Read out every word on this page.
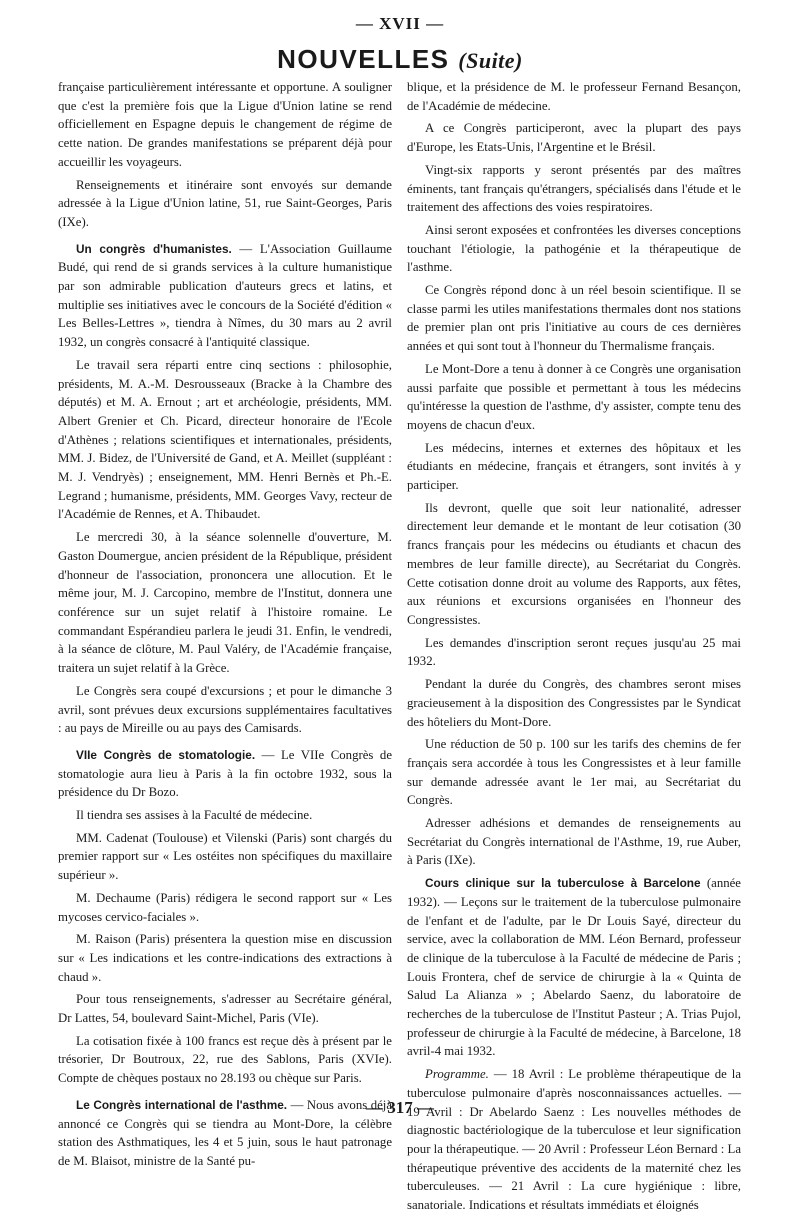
— XVII —
NOUVELLES (Suite)

française particulièrement intéressante et opportune. A souligner que c'est la première fois que la Ligue d'Union latine se rend officiellement en Espagne depuis le changement de régime de cette nation. De grandes manifestations se préparent déjà pour accueillir les voyageurs.

Renseignements et itinéraire sont envoyés sur demande adressée à la Ligue d'Union latine, 51, rue Saint-Georges, Paris (IXe).

Un congrès d'humanistes. — L'Association Guillaume Budé, qui rend de si grands services à la culture humanistique par son admirable publication d'auteurs grecs et latins, et multiplie ses initiatives avec le concours de la Société d'édition « Les Belles-Lettres », tiendra à Nîmes, du 30 mars au 2 avril 1932, un congrès consacré à l'antiquité classique.

Le travail sera réparti entre cinq sections : philosophie, présidents, M. A.-M. Desrousseaux (Bracke à la Chambre des députés) et M. A. Ernout ; art et archéologie, présidents, MM. Albert Grenier et Ch. Picard, directeur honoraire de l'Ecole d'Athènes ; relations scientifiques et internationales, présidents, MM. J. Bidez, de l'Université de Gand, et A. Meillet (suppléant : M. J. Vendryès) ; enseignement, MM. Henri Bernès et Ph.-E. Legrand ; humanisme, présidents, MM. Georges Vavy, recteur de l'Académie de Rennes, et A. Thibaudet.

Le mercredi 30, à la séance solennelle d'ouverture, M. Gaston Doumergue, ancien président de la République, président d'honneur de l'association, prononcera une allocution. Et le même jour, M. J. Carcopino, membre de l'Institut, donnera une conférence sur un sujet relatif à l'histoire romaine. Le commandant Espérandieu parlera le jeudi 31. Enfin, le vendredi, à la séance de clôture, M. Paul Valéry, de l'Académie française, traitera un sujet relatif à la Grèce.

Le Congrès sera coupé d'excursions ; et pour le dimanche 3 avril, sont prévues deux excursions supplémentaires facultatives : au pays de Mireille ou au pays des Camisards.

VIIe Congrès de stomatologie. — Le VIIe Congrès de stomatologie aura lieu à Paris à la fin octobre 1932, sous la présidence du Dr Bozo.

Il tiendra ses assises à la Faculté de médecine.

MM. Cadenat (Toulouse) et Vilenski (Paris) sont chargés du premier rapport sur « Les ostéites non spécifiques du maxillaire supérieur ».

M. Dechaume (Paris) rédigera le second rapport sur « Les mycoses cervico-faciales ».

M. Raison (Paris) présentera la question mise en discussion sur « Les indications et les contre-indications des extractions à chaud ».

Pour tous renseignements, s'adresser au Secrétaire général, Dr Lattes, 54, boulevard Saint-Michel, Paris (VIe).

La cotisation fixée à 100 francs est reçue dès à présent par le trésorier, Dr Boutroux, 22, rue des Sablons, Paris (XVIe). Compte de chèques postaux no 28.193 ou chèque sur Paris.

Le Congrès international de l'asthme. — Nous avons déjà annoncé ce Congrès qui se tiendra au Mont-Dore, la célèbre station des Asthmatiques, les 4 et 5 juin, sous le haut patronage de M. Blaisot, ministre de la Santé pu-

blique, et la présidence de M. le professeur Fernand Besançon, de l'Académie de médecine.

A ce Congrès participeront, avec la plupart des pays d'Europe, les Etats-Unis, l'Argentine et le Brésil.

Vingt-six rapports y seront présentés par des maîtres éminents, tant français qu'étrangers, spécialisés dans l'étude et le traitement des affections des voies respiratoires.

Ainsi seront exposées et confrontées les diverses conceptions touchant l'étiologie, la pathogénie et la thérapeutique de l'asthme.

Ce Congrès répond donc à un réel besoin scientifique. Il se classe parmi les utiles manifestations thermales dont nos stations de premier plan ont pris l'initiative au cours de ces dernières années et qui sont tout à l'honneur du Thermalisme français.

Le Mont-Dore a tenu à donner à ce Congrès une organisation aussi parfaite que possible et permettant à tous les médecins qu'intéresse la question de l'asthme, d'y assister, compte tenu des moyens de chacun d'eux.

Les médecins, internes et externes des hôpitaux et les étudiants en médecine, français et étrangers, sont invités à y participer.

Ils devront, quelle que soit leur nationalité, adresser directement leur demande et le montant de leur cotisation (30 francs français pour les médecins ou étudiants et chacun des membres de leur famille directe), au Secrétariat du Congrès. Cette cotisation donne droit au volume des Rapports, aux fêtes, aux réunions et excursions organisées en l'honneur des Congressistes.

Les demandes d'inscription seront reçues jusqu'au 25 mai 1932.

Pendant la durée du Congrès, des chambres seront mises gracieusement à la disposition des Congressistes par le Syndicat des hôteliers du Mont-Dore.

Une réduction de 50 p. 100 sur les tarifs des chemins de fer français sera accordée à tous les Congressistes et à leur famille sur demande adressée avant le 1er mai, au Secrétariat du Congrès.

Adresser adhésions et demandes de renseignements au Secrétariat du Congrès international de l'Asthme, 19, rue Auber, à Paris (IXe).

Cours clinique sur la tuberculose à Barcelone (année 1932). — Leçons sur le traitement de la tuberculose pulmonaire de l'enfant et de l'adulte, par le Dr Louis Sayé, directeur du service, avec la collaboration de MM. Léon Bernard, professeur de clinique de la tuberculose à la Faculté de médecine de Paris ; Louis Frontera, chef de service de chirurgie à la « Quinta de Salud La Alianza » ; Abelardo Saenz, du laboratoire de recherches de la tuberculose de l'Institut Pasteur ; A. Trias Pujol, professeur de chirurgie à la Faculté de médecine, à Barcelone, 18 avril-4 mai 1932.

Programme. — 18 Avril : Le problème thérapeutique de la tuberculose pulmonaire d'après nosconnaissances actuelles. — 19 Avril : Dr Abelardo Saenz : Les nouvelles méthodes de diagnostic bactériologique de la tuberculose et leur signification pour la thérapeutique. — 20 Avril : Professeur Léon Bernard : La thérapeutique préventive des accidents de la maternité chez les tuberculeuses. — 21 Avril : La cure hygiénique : libre, sanatoriale. Indications et résultats immédiats et éloignés

— 317 —
